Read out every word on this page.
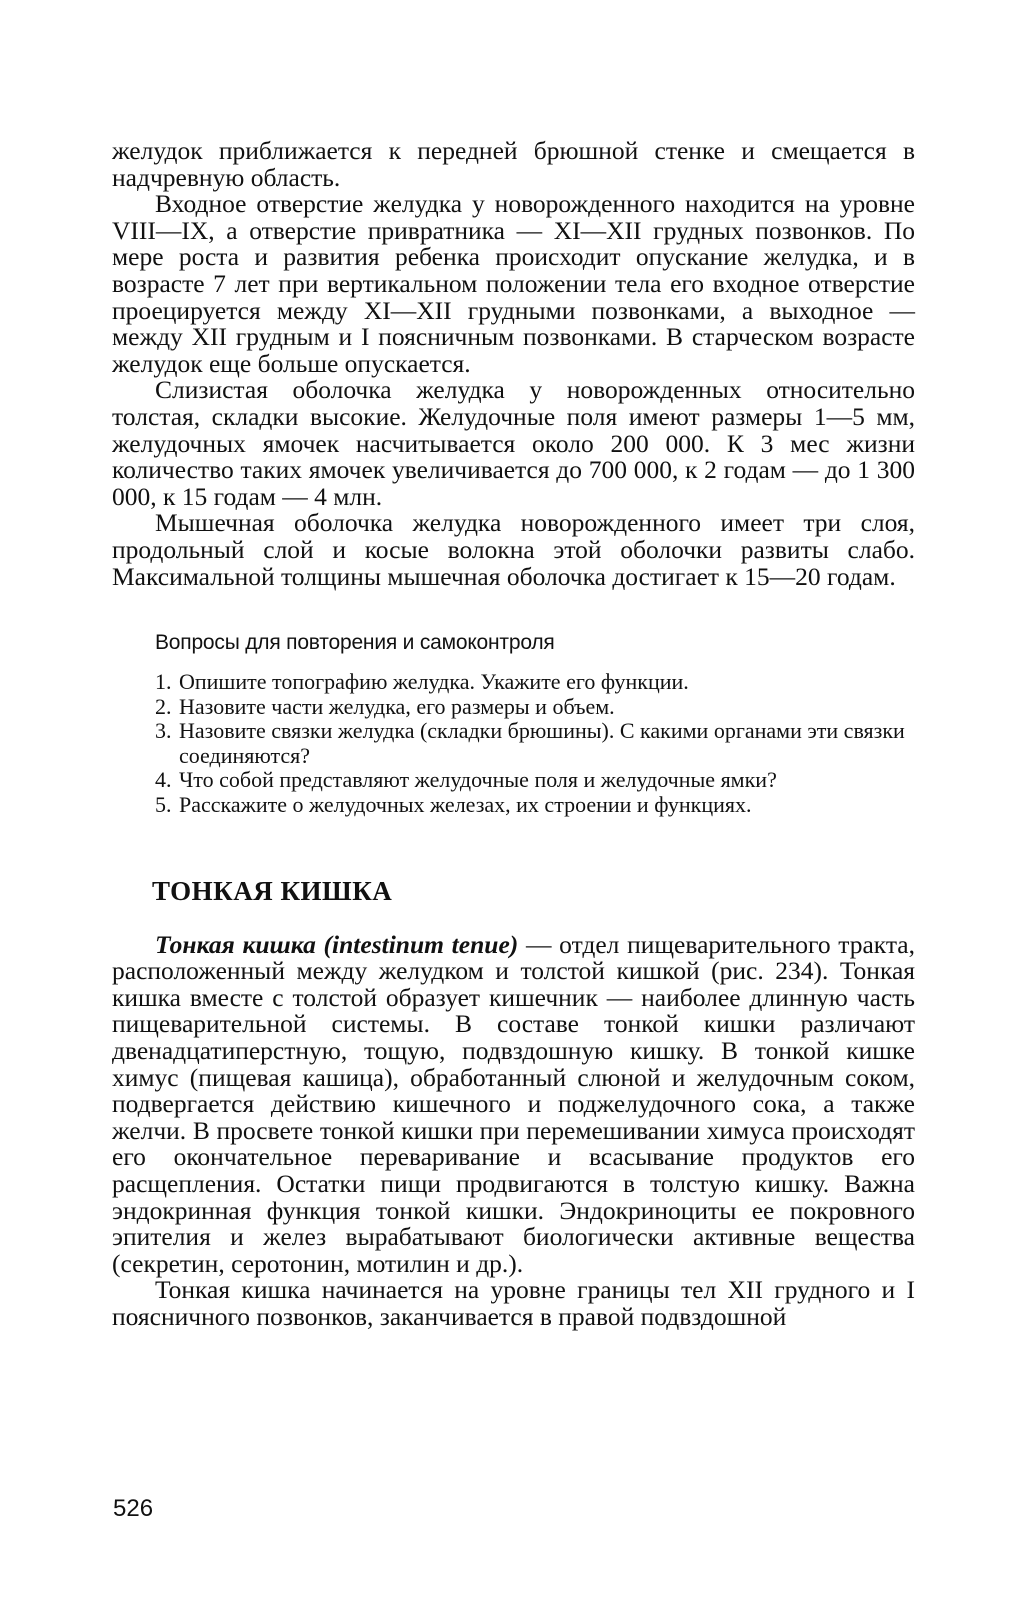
желудок приближается к передней брюшной стенке и смещается в надчревную область.

Входное отверстие желудка у новорожденного находится на уровне VIII—IX, а отверстие привратника — XI—XII грудных позвонков. По мере роста и развития ребенка происходит опускание желудка, и в возрасте 7 лет при вертикальном положении тела его входное отверстие проецируется между XI—XII грудными позвонками, а выходное — между XII грудным и I поясничным позвонками. В старческом возрасте желудок еще больше опускается.

Слизистая оболочка желудка у новорожденных относительно толстая, складки высокие. Желудочные поля имеют размеры 1—5 мм, желудочных ямочек насчитывается около 200 000. К 3 мес жизни количество таких ямочек увеличивается до 700 000, к 2 годам — до 1 300 000, к 15 годам — 4 млн.

Мышечная оболочка желудка новорожденного имеет три слоя, продольный слой и косые волокна этой оболочки развиты слабо. Максимальной толщины мышечная оболочка достигает к 15—20 годам.

Вопросы для повторения и самоконтроля
1. Опишите топографию желудка. Укажите его функции.
2. Назовите части желудка, его размеры и объем.
3. Назовите связки желудка (складки брюшины). С какими органами эти связки соединяются?
4. Что собой представляют желудочные поля и желудочные ямки?
5. Расскажите о желудочных железах, их строении и функциях.
ТОНКАЯ КИШКА

Тонкая кишка (intestinum tenue) — отдел пищеварительного тракта, расположенный между желудком и толстой кишкой (рис. 234). Тонкая кишка вместе с толстой образует кишечник — наиболее длинную часть пищеварительной системы. В составе тонкой кишки различают двенадцатиперстную, тощую, подвздошную кишку. В тонкой кишке химус (пищевая кашица), обработанный слюной и желудочным соком, подвергается действию кишечного и поджелудочного сока, а также желчи. В просвете тонкой кишки при перемешивании химуса происходят его окончательное переваривание и всасывание продуктов его расщепления. Остатки пищи продвигаются в толстую кишку. Важна эндокринная функция тонкой кишки. Эндокриноциты ее покровного эпителия и желез вырабатывают биологически активные вещества (секретин, серотонин, мотилин и др.).

Тонкая кишка начинается на уровне границы тел XII грудного и I поясничного позвонков, заканчивается в правой подвздошной

526
